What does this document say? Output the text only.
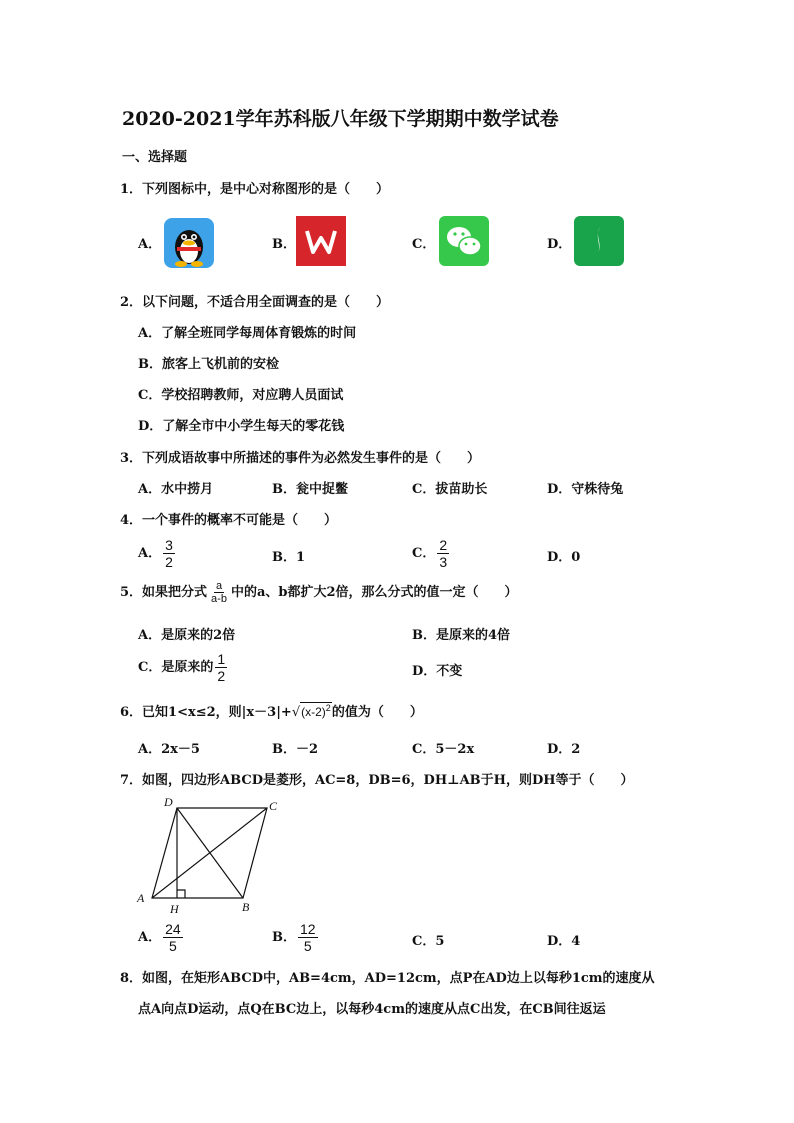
2020-2021学年苏科版八年级下学期期中数学试卷
一、选择题
1．下列图标中，是中心对称图形的是（　　）
A．	B．	C．	D．
2．以下问题，不适合用全面调查的是（　　）
A．了解全班同学每周体育锻炼的时间
B．旅客上飞机前的安检
C．学校招聘教师，对应聘人员面试
D．了解全市中小学生每天的零花钱
3．下列成语故事中所描述的事件为必然发生事件的是（　　）
A．水中捞月	B．瓮中捉鳖	C．拔苗助长	D．守株待兔
4．一个事件的概率不可能是（　　）
A． $\frac{3}{2}$	B．1	C． $\frac{2}{3}$	D．0
5．如果把分式 $\frac{a}{a-b}$ 中的a、b都扩大2倍，那么分式的值一定（　　）
A．是原来的2倍	B．是原来的4倍
C．是原来的 $\frac{1}{2}$	D．不变
6．已知1<x≤2，则$|x-3|+√(x-2)^2$的值为（　　）
A．2x－5	B．－2	C．5－2x	D．2
7．如图，四边形ABCD是菱形，AC=8，DB=6，DH⊥AB于H，则DH等于（　　）
D	C
A
H	B
A． $\frac{24}{5}$	B． $\frac{12}{5}$	C．5	D．4
8．如图，在矩形ABCD中，AB=4cm，AD=12cm，点P在AD边上以每秒1cm的速度从
点A向点D运动，点Q在BC边上，以每秒4cm的速度从点C出发，在CB间往返运
